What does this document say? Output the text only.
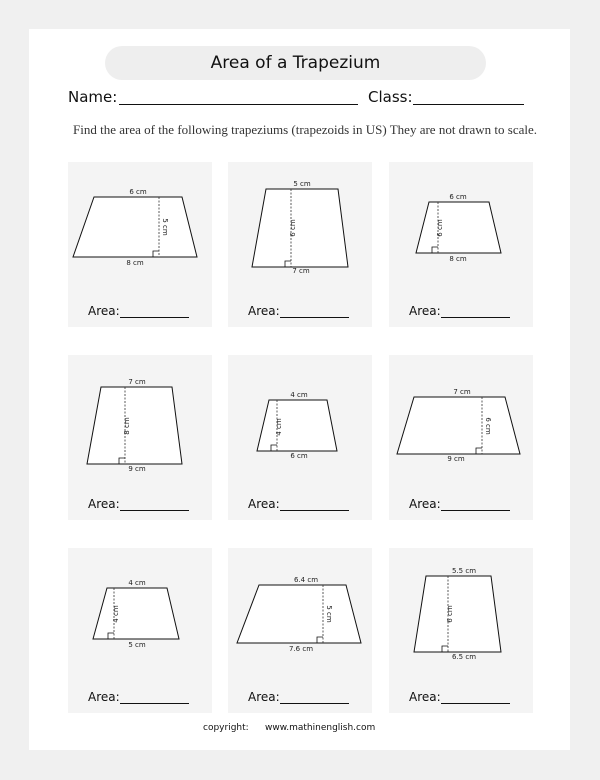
Area of a Trapezium
Name:	Class:
Find the area of the following trapeziums (trapezoids in US) They are not drawn to scale.
6 cm
8 cm
5 cm
Area:
5 cm
7 cm
6 cm
Area:
6 cm
8 cm
6 cm
Area:
7 cm
9 cm
8 cm
Area:
4 cm
6 cm
4 cm
Area:
7 cm
9 cm
6 cm
Area:
4 cm
5 cm
4 cm
Area:
6.4 cm
7.6 cm
5 cm
Area:
5.5 cm
6.5 cm
6 cm
Area:
copyright: www.mathinenglish.com
